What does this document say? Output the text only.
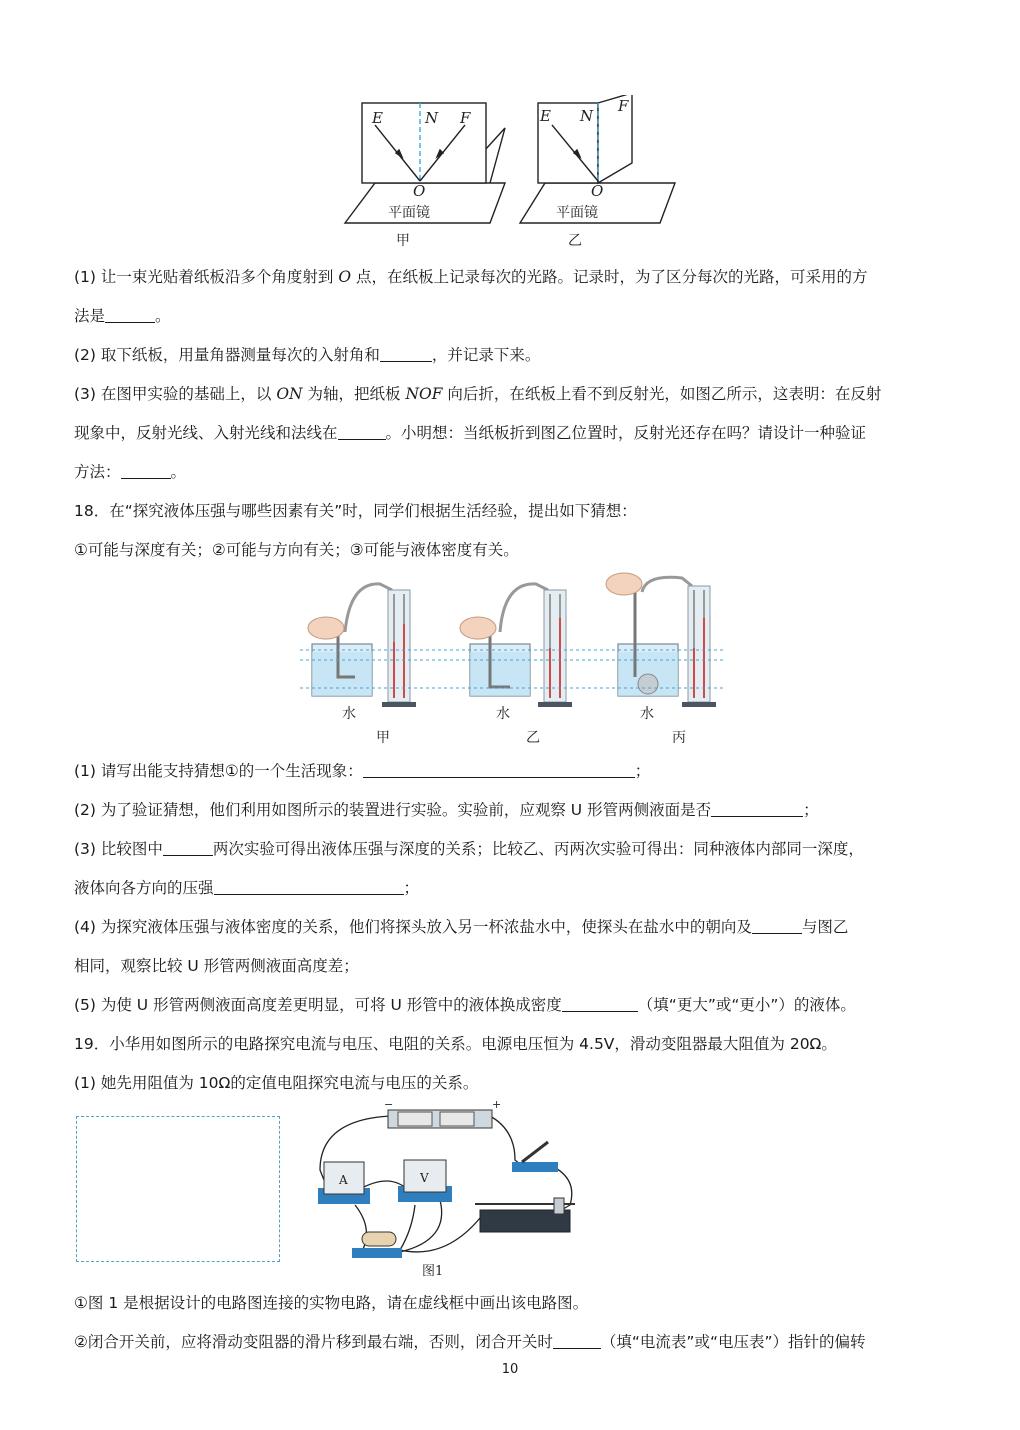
E	N F
O
平面镜
甲
E N
F
O
平面镜
乙
(1) 让一束光贴着纸板沿多个角度射到 O 点，在纸板上记录每次的光路。记录时，为了区分每次的光路，可采用的方
法是	。
(2) 取下纸板，用量角器测量每次的入射角和	，并记录下来。
(3) 在图甲实验的基础上，以 ON 为轴，把纸板 NOF 向后折，在纸板上看不到反射光，如图乙所示，这表明：在反射
现象中，反射光线、入射光线和法线在	。小明想：当纸板折到图乙位置时，反射光还存在吗？请设计一种验证
方法：	。
18．在“探究液体压强与哪些因素有关”时，同学们根据生活经验，提出如下猜想：
①可能与深度有关；②可能与方向有关；③可能与液体密度有关。
水	水	水
甲	乙	丙
(1) 请写出能支持猜想①的一个生活现象：	；
(2) 为了验证猜想，他们利用如图所示的装置进行实验。实验前，应观察 U 形管两侧液面是否	；
(3) 比较图中	两次实验可得出液体压强与深度的关系；比较乙、丙两次实验可得出：同种液体内部同一深度，
液体向各方向的压强	；
(4) 为探究液体压强与液体密度的关系，他们将探头放入另一杯浓盐水中，使探头在盐水中的朝向及	与图乙
相同，观察比较 U 形管两侧液面高度差；
(5) 为使 U 形管两侧液面高度差更明显，可将 U 形管中的液体换成密度	（填“更大”或“更小”）的液体。
19．小华用如图所示的电路探究电流与电压、电阻的关系。电源电压恒为 4.5V，滑动变阻器最大阻值为 20Ω。
(1) 她先用阻值为 10Ω的定值电阻探究电流与电压的关系。
−	+
A	V
图1
①图 1 是根据设计的电路图连接的实物电路，请在虚线框中画出该电路图。
②闭合开关前，应将滑动变阻器的滑片移到最右端，否则，闭合开关时	（填“电流表”或“电压表”）指针的偏转
10
